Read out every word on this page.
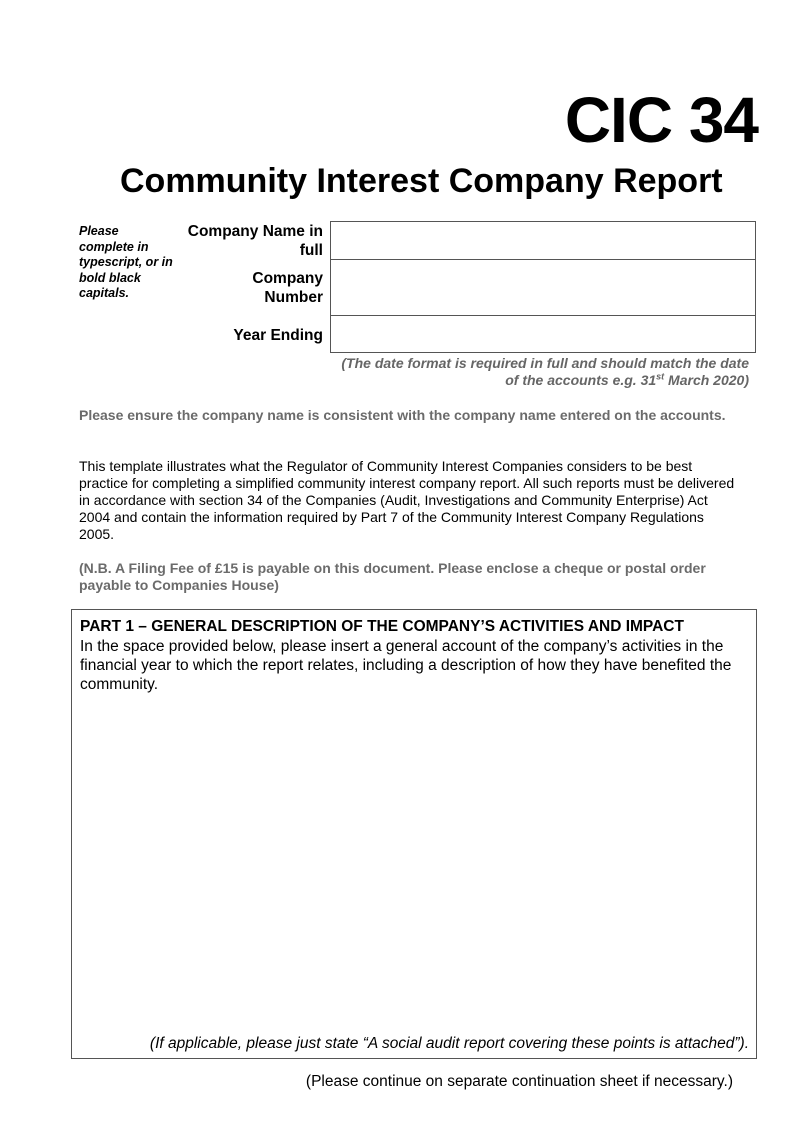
CIC 34
Community Interest Company Report
Please complete in typescript, or in bold black capitals.
Company Name in full
Company Number
Year Ending
(The date format is required in full and should match the date of the accounts e.g. 31st March 2020)
Please ensure the company name is consistent with the company name entered on the accounts.
This template illustrates what the Regulator of Community Interest Companies considers to be best practice for completing a simplified community interest company report. All such reports must be delivered in accordance with section 34 of the Companies (Audit, Investigations and Community Enterprise) Act 2004 and contain the information required by Part 7 of the Community Interest Company Regulations 2005.
(N.B. A Filing Fee of £15 is payable on this document. Please enclose a cheque or postal order payable to Companies House)
PART 1 – GENERAL DESCRIPTION OF THE COMPANY’S ACTIVITIES AND IMPACT
In the space provided below, please insert a general account of the company’s activities in the financial year to which the report relates, including a description of how they have benefited the community.
(If applicable, please just state “A social audit report covering these points is attached”).
(Please continue on separate continuation sheet if necessary.)
